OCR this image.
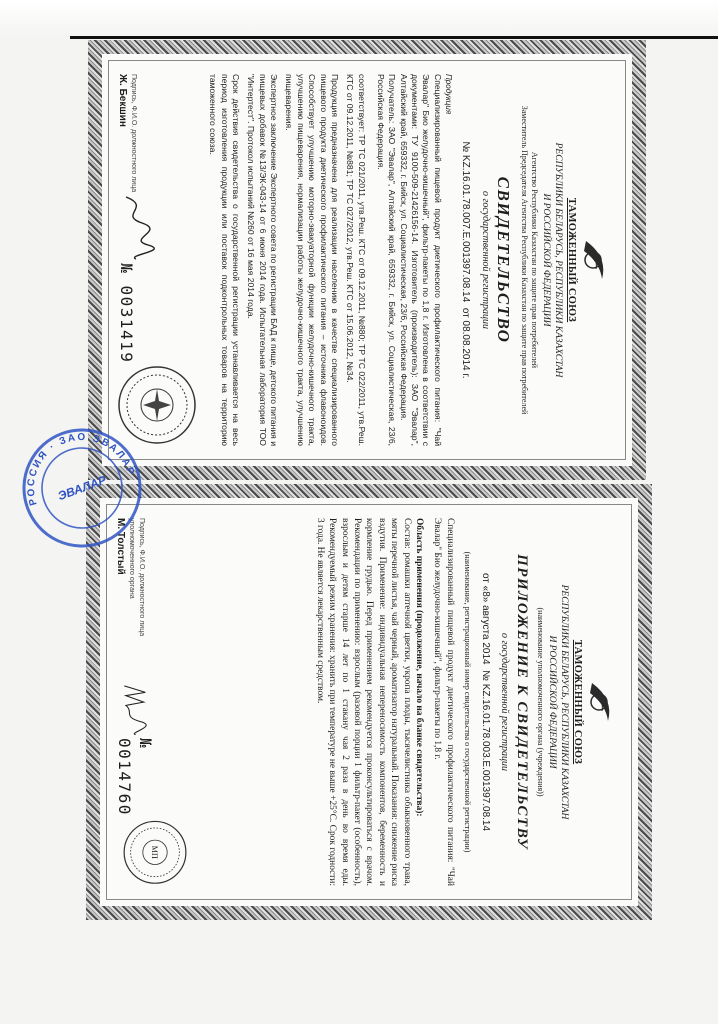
ТАМОЖЕННЫЙ СОЮЗ
РЕСПУБЛИКИ БЕЛАРУСЬ, РЕСПУБЛИКИ КАЗАХСТАН
И РОССИЙСКОЙ ФЕДЕРАЦИИ
Агентство Республики Казахстан по защите прав потребителей
Заместитель Председателя Агентства Республики Казахстан по защите прав потребителей
СВИДЕТЕЛЬСТВО
о государственной регистрации
№ KZ.16.01.78.007.Е.001397.08.14  от 08.08.2014 г.
Продукция
Специализированный пищевой продукт диетического профилактического питания: "Чай Эвалар" Био желудочно-кишечный", фильтр-пакеты по 1,8 г. Изготовлена в соответствии с документами: ТУ 9100-509-21426156-14. Изготовитель (производитель): ЗАО "Эвалар", Алтайский край, 659332, г. Бийск, ул. Социалистическая, 23/6, Российская Федерация.
Получатель: ЗАО "Эвалар", Алтайский край, 659332, г. Бийск, ул. Социалистическая, 23/6, Российская Федерация.
соответствует: ТР ТС 021/2011, утв.Реш. КТС от 09.12.2011, №880; ТР ТС 022/2011, утв.Реш. КТС от 09.12.2011, №881; ТР ТС 027/2012, утв.Реш. КТС от 15.06.2012, №34.
Продукция предназначена для реализации населению в качестве специализированного пищевого продукта диетического профилактического питания – источника флавоноидов. Способствует улучшению моторно-эвакуаторной функции желудочно-кишечного тракта, улучшению пищеварения, нормализации работы желудочно-кишечного тракта, улучшению пищеварения.
Экспертное заключение Экспертного совета по регистрации БАД к пище, детского питания и пищевых добавок №13/ЭК-043-14 от 6 июня 2014 года. Испытательная лаборатория ТОО "Интертест". Протокол испытаний №260 от 16 мая 2014 года.
Срок действия свидетельства о государственной регистрации устанавливается на весь период изготовления продукции или поставок подконтрольных товаров на территорию таможенного союза.
Подпись, Ф.И.О. должностного лица
Ж. Бекшин
№ 0031419
ТАМОЖЕННЫЙ СОЮЗ
РЕСПУБЛИКИ БЕЛАРУСЬ, РЕСПУБЛИКИ КАЗАХСТАН
И РОССИЙСКОЙ ФЕДЕРАЦИИ
(наименование уполномоченного органа (учреждения))
ПРИЛОЖЕНИЕ К СВИДЕТЕЛЬСТВУ
о государственной регистрации
от «8» августа 2014  № KZ.16.01.78.003.Е.001397.08.14
(наименование, регистрационный номер свидетельства о государственной регистрации)
Специализированный пищевой продукт диетического профилактического питания: "Чай Эвалар" Био желудочно-кишечный", фильтр-пакеты по 1,8 г.
Область применения (продолжение, начало на бланке свидетельства):
Состав: ромашки аптечной цветки, укропа плоды, тысячелистника обыкновенного трава, мяты перечной листья, чай черный, ароматизатор натуральный. Показания: снижение риска вздутия. Применение: индивидуальная непереносимость компонентов, беременность и кормление грудью. Перед применением рекомендуется проконсультироваться с врачом. Рекомендации по применению: взрослым (разовой порции 1 фильтр-пакет (особенность), взрослым и детям старше 14 лет по 1 стакану чая 2 раза в день во время еды. Рекомендуемый режим хранения: хранить при температуре не выше +25°С. Срок годности: 3 года. Не является лекарственным средством.
Подпись, Ф.И.О. должностного лица уполномоченного органа
М. Толстый
№ 0014760
МП
РОССИЯ · ЗАО ЭВАЛАР
ЭВАЛАР
